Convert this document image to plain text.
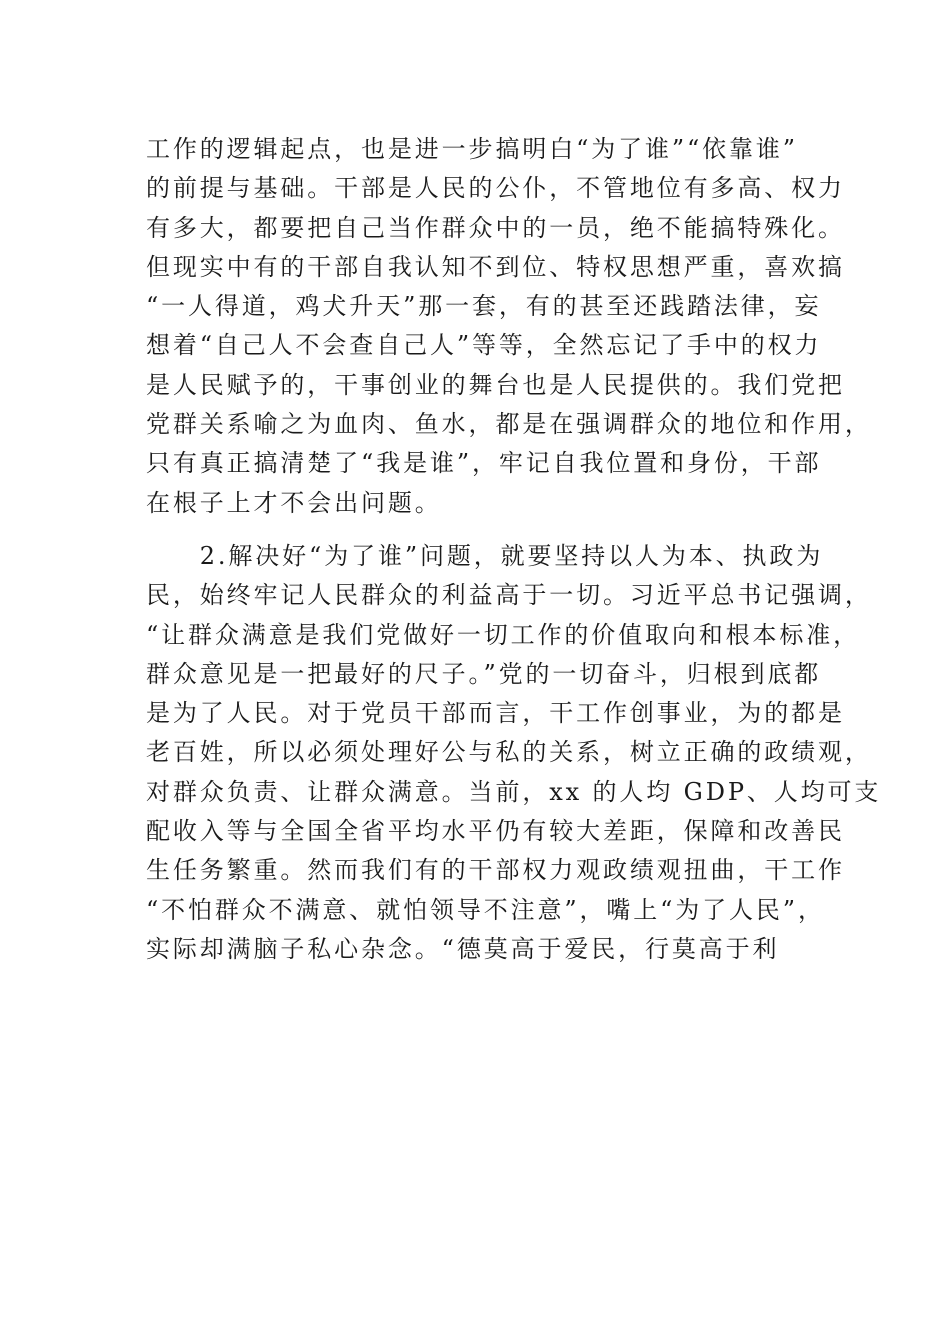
工作的逻辑起点，也是进一步搞明白“为了谁”“依靠谁”
的前提与基础。干部是人民的公仆，不管地位有多高、权力
有多大，都要把自己当作群众中的一员，绝不能搞特殊化。
但现实中有的干部自我认知不到位、特权思想严重，喜欢搞
“一人得道，鸡犬升天”那一套，有的甚至还践踏法律，妄
想着“自己人不会查自己人”等等，全然忘记了手中的权力
是人民赋予的，干事创业的舞台也是人民提供的。我们党把
党群关系喻之为血肉、鱼水，都是在强调群众的地位和作用，
只有真正搞清楚了“我是谁”，牢记自我位置和身份，干部
在根子上才不会出问题。
　　2.解决好“为了谁”问题，就要坚持以人为本、执政为
民，始终牢记人民群众的利益高于一切。习近平总书记强调，
“让群众满意是我们党做好一切工作的价值取向和根本标准，
群众意见是一把最好的尺子。”党的一切奋斗，归根到底都
是为了人民。对于党员干部而言，干工作创事业，为的都是
老百姓，所以必须处理好公与私的关系，树立正确的政绩观，
对群众负责、让群众满意。当前，xx 的人均 GDP、人均可支
配收入等与全国全省平均水平仍有较大差距，保障和改善民
生任务繁重。然而我们有的干部权力观政绩观扭曲，干工作
“不怕群众不满意、就怕领导不注意”，嘴上“为了人民”，
实际却满脑子私心杂念。“德莫高于爱民，行莫高于利
